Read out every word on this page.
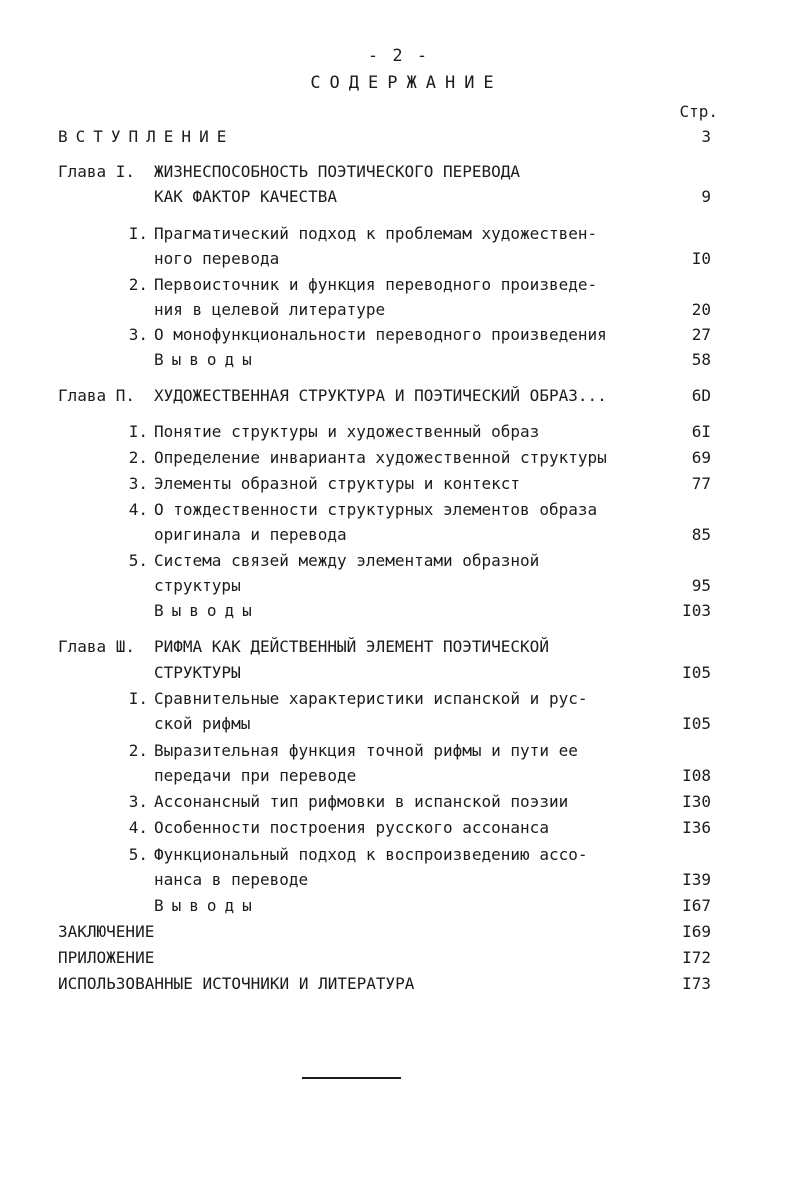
- 2 -
СОДЕРЖАНИЕ
Стр.
ВСТУПЛЕНИЕ	3
Глава I.	ЖИЗНЕСПОСОБНОСТЬ ПОЭТИЧЕСКОГО ПЕРЕВОДА
КАК ФАКТОР КАЧЕСТВА	9
I. Прагматический подход к проблемам художествен-
ного перевода	I0
2. Первоисточник и функция переводного произведе-
ния в целевой литературе	20
3. О монофункциональности переводного произведения	27
Выводы	58
Глава П.	ХУДОЖЕСТВЕННАЯ СТРУКТУРА И ПОЭТИЧЕСКИЙ ОБРАЗ...	6D
I. Понятие структуры и художественный образ	6I
2. Определение инварианта художественной структуры	69
3. Элементы образной структуры и контекст	77
4. О тождественности структурных элементов образа
оригинала и перевода	85
5. Система связей между элементами образной
структуры	95
Выводы	I03
Глава Ш.	РИФМА КАК ДЕЙСТВЕННЫЙ ЭЛЕМЕНТ ПОЭТИЧЕСКОЙ
СТРУКТУРЫ	I05
I. Сравнительные характеристики испанской и рус-
ской рифмы	I05
2. Выразительная функция точной рифмы и пути ее
передачи при переводе	I08
3. Ассонансный тип рифмовки в испанской поэзии	I30
4. Особенности построения русского ассонанса	I36
5. Функциональный подход к воспроизведению ассо-
нанса в переводе	I39
Выводы	I67
ЗАКЛЮЧЕНИЕ	I69
ПРИЛОЖЕНИЕ	I72
ИСПОЛЬЗОВАННЫЕ ИСТОЧНИКИ И ЛИТЕРАТУРА	I73
